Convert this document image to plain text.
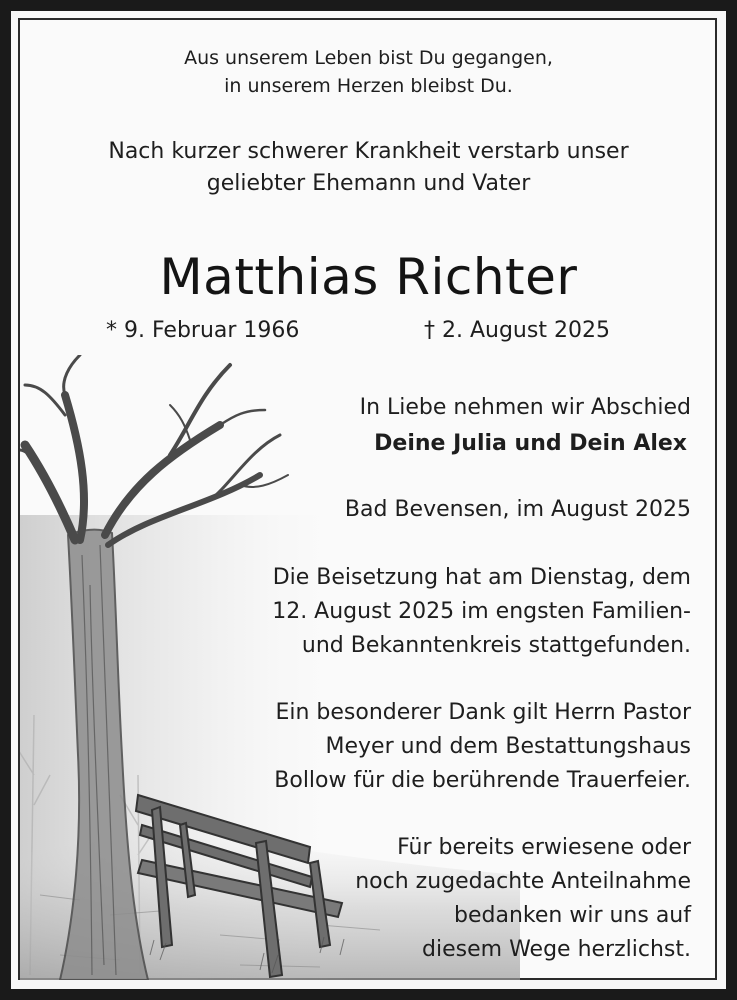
Aus unserem Leben bist Du gegangen,

in unserem Herzen bleibst Du.

Nach kurzer schwerer Krankheit verstarb unser

geliebter Ehemann und Vater

Matthias Richter

* 9. Februar 1966	† 2. August 2025

In Liebe nehmen wir Abschied

Deine Julia und Dein Alex

Bad Bevensen, im August 2025

Die Beisetzung hat am Dienstag, dem

12. August 2025 im engsten Familien-

und Bekanntenkreis stattgefunden.

Ein besonderer Dank gilt Herrn Pastor

Meyer und dem Bestattungshaus

Bollow für die berührende Trauerfeier.

Für bereits erwiesene oder

noch zugedachte Anteilnahme

bedanken wir uns auf

diesem Wege herzlichst.
